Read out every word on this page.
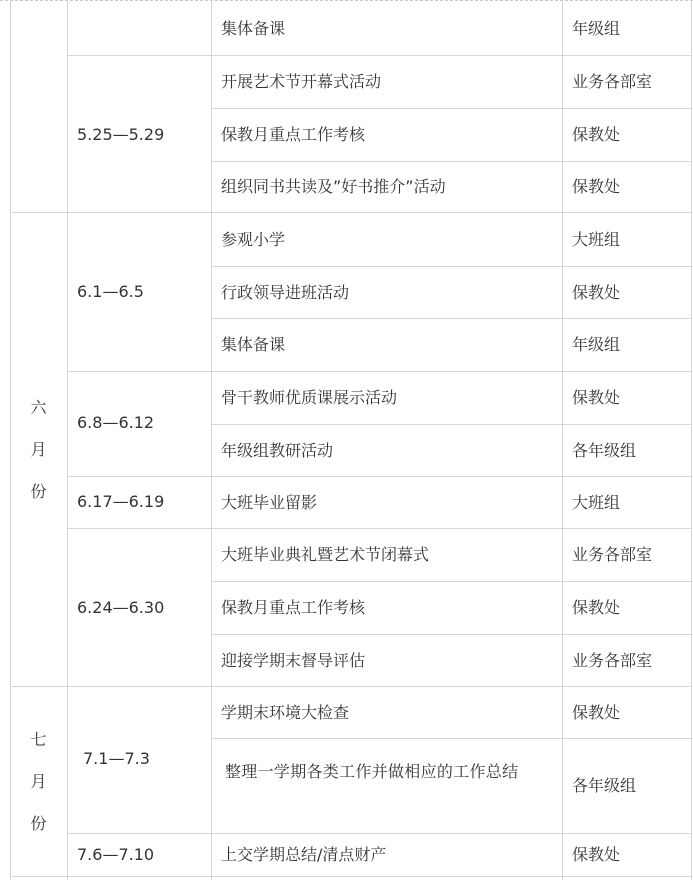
六
月
份
七
月
份
5.25—5.29
6.1—6.5
6.8—6.12
6.17—6.19
6.24—6.30
7.1—7.3
7.6—7.10
集体备课
开展艺术节开幕式活动
保教月重点工作考核
组织同书共读及”好书推介”活动
参观小学
行政领导进班活动
集体备课
骨干教师优质课展示活动
年级组教研活动
大班毕业留影
大班毕业典礼暨艺术节闭幕式
保教月重点工作考核
迎接学期末督导评估
学期末环境大检查
整理一学期各类工作并做相应的工作总结
上交学期总结/清点财产
年级组
业务各部室
保教处
保教处
大班组
保教处
年级组
保教处
各年级组
大班组
业务各部室
保教处
业务各部室
保教处
各年级组
保教处
